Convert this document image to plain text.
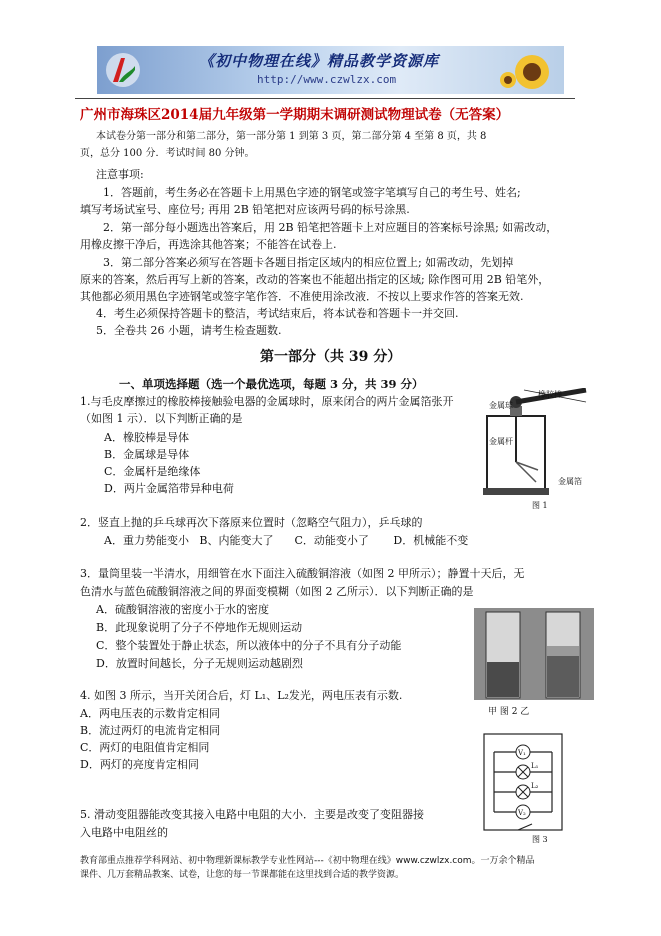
《初中物理在线》精品教学资源库
http://www.czwlzx.com
广州市海珠区2014届九年级第一学期期末调研测试物理试卷（无答案）
本试卷分第一部分和第二部分，第一部分第 1 到第 3 页，第二部分第 4 至第 8 页，共 8
页，总分 100 分．考试时间 80 分钟。
注意事项:
1．答题前，考生务必在答题卡上用黑色字迹的钢笔或签字笔填写自己的考生号、姓名;
填写考场试室号、座位号; 再用 2B 铅笔把对应该两号码的标号涂黑.
2．第一部分每小题选出答案后，用 2B 铅笔把答题卡上对应题目的答案标号涂黑; 如需改动，
用橡皮擦干净后，再选涂其他答案；不能答在试卷上.
3．第二部分答案必须写在答题卡各题目指定区域内的相应位置上; 如需改动，先划掉
原来的答案，然后再写上新的答案，改动的答案也不能超出指定的区域; 除作图可用 2B 铅笔外，
其他都必须用黑色字迹钢笔或签字笔作答．不准使用涂改液．不按以上要求作答的答案无效.
4．考生必须保持答题卡的整洁，考试结束后，将本试卷和答题卡一并交回.
5．全卷共 26 小题，请考生检查题数.
第一部分（共 39 分）
一、单项选择题（选一个最优选项，每题 3 分，共 39 分）
1.与毛皮摩擦过的橡胶棒接触验电器的金属球时，原来闭合的两片金属箔张开
（如图 1 示）．以下判断正确的是
A．橡胶棒是导体
B．金属球是导体
C．金属杆是绝缘体
D．两片金属箔带异种电荷
橡胶棒
金属球
金属杆
金属箔
图 1
2．竖直上抛的乒乓球再次下落原来位置时（忽略空气阻力），乒乓球的
A．重力势能变小   B、内能变大了      C．动能变小了       D．机械能不变
3．量筒里装一半清水，用细管在水下面注入硫酸铜溶液（如图 2 甲所示）；静置十天后，无
色清水与蓝色硫酸铜溶液之间的界面变模糊（如图 2 乙所示）．以下判断正确的是
A．硫酸铜溶液的密度小于水的密度
B．此现象说明了分子不停地作无规则运动
C．整个装置处于静止状态，所以液体中的分子不具有分子动能
D．放置时间越长，分子无规则运动越剧烈
甲 图 2 乙
4. 如图 3 所示，当开关闭合后，灯 L₁、L₂发光，两电压表有示数.
A．两电压表的示数肯定相同
B．流过两灯的电流肯定相同
C．两灯的电阻值肯定相同
D．两灯的亮度肯定相同
V₁
L₁
L₂
V₂
图 3
5. 滑动变阻器能改变其接入电路中电阻的大小．主要是改变了变阻器接
入电路中电阻丝的
教育部重点推荐学科网站、初中物理新课标教学专业性网站---《初中物理在线》www.czwlzx.com。一万余个精品
课件、几万套精品教案、试卷，让您的每一节课都能在这里找到合适的教学资源。
